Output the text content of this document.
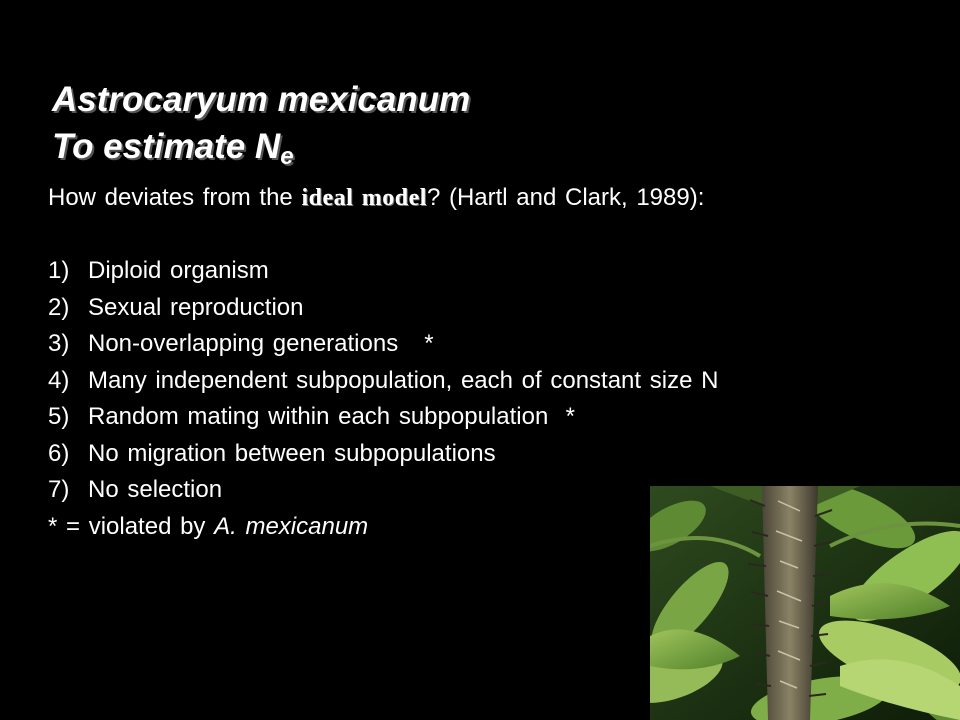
Astrocaryum mexicanum
To estimate $N_e$
How deviates from the ideal model? (Hartl and Clark, 1989):
1) Diploid organism
2) Sexual reproduction
3) Non-overlapping generations   *
4) Many independent subpopulation, each of constant size N
5) Random mating within each subpopulation  *
6) No migration between subpopulations
7) No selection
* = violated by A. mexicanum
